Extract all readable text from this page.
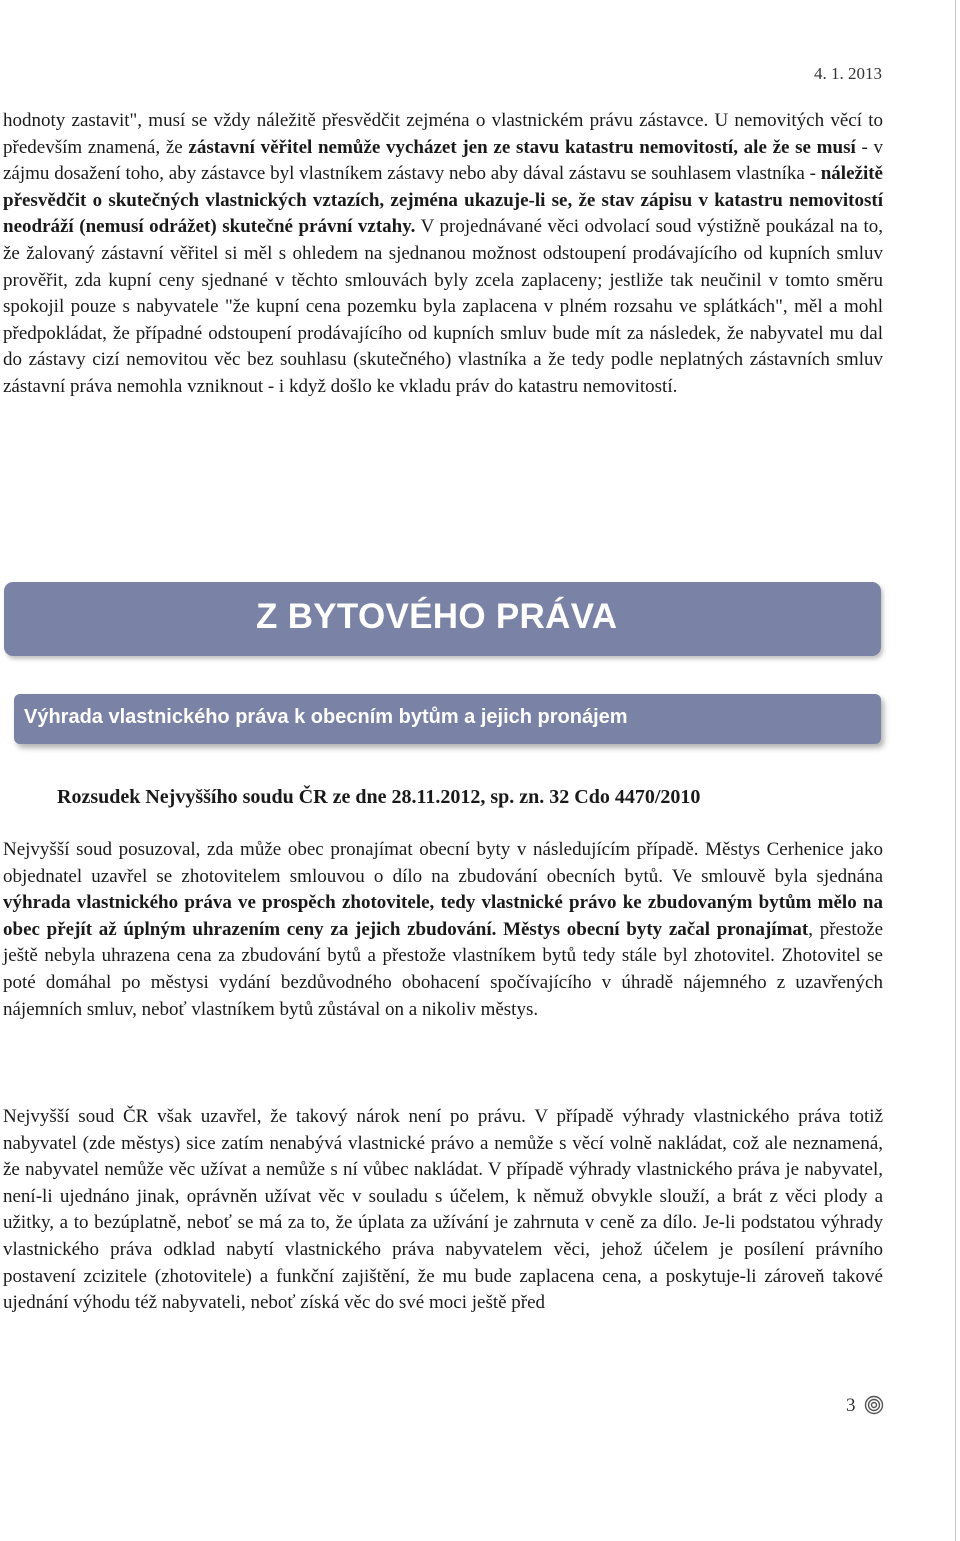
4. 1. 2013

hodnoty zastavit", musí se vždy náležitě přesvědčit zejména o vlastnickém právu zástavce. U nemovitých věcí to především znamená, že zástavní věřitel nemůže vycházet jen ze stavu katastru nemovitostí, ale že se musí - v zájmu dosažení toho, aby zástavce byl vlastníkem zástavy nebo aby dával zástavu se souhlasem vlastníka - náležitě přesvědčit o skutečných vlastnických vztazích, zejména ukazuje-li se, že stav zápisu v katastru nemovitostí neodráží (nemusí odrážet) skutečné právní vztahy. V projednávané věci odvolací soud výstižně poukázal na to, že žalovaný zástavní věřitel si měl s ohledem na sjednanou možnost odstoupení prodávajícího od kupních smluv prověřit, zda kupní ceny sjednané v těchto smlouvách byly zcela zaplaceny; jestliže tak neučinil v tomto směru spokojil pouze s nabyvatele "že kupní cena pozemku byla zaplacena v plném rozsahu ve splátkách", měl a mohl předpokládat, že případné odstoupení prodávajícího od kupních smluv bude mít za následek, že nabyvatel mu dal do zástavy cizí nemovitou věc bez souhlasu (skutečného) vlastníka a že tedy podle neplatných zástavních smluv zástavní práva nemohla vzniknout - i když došlo ke vkladu práv do katastru nemovitostí.

Z BYTOVÉHO PRÁVA
Výhrada vlastnického práva k obecním bytům a jejich pronájem
Rozsudek Nejvyššího soudu ČR ze dne 28.11.2012, sp. zn. 32 Cdo 4470/2010

Nejvyšší soud posuzoval, zda může obec pronajímat obecní byty v následujícím případě. Městys Cerhenice jako objednatel uzavřel se zhotovitelem smlouvou o dílo na zbudování obecních bytů. Ve smlouvě byla sjednána výhrada vlastnického práva ve prospěch zhotovitele, tedy vlastnické právo ke zbudovaným bytům mělo na obec přejít až úplným uhrazením ceny za jejich zbudování. Městys obecní byty začal pronajímat, přestože ještě nebyla uhrazena cena za zbudování bytů a přestože vlastníkem bytů tedy stále byl zhotovitel. Zhotovitel se poté domáhal po městysi vydání bezdůvodného obohacení spočívajícího v úhradě nájemného z uzavřených nájemních smluv, neboť vlastníkem bytů zůstával on a nikoliv městys.

Nejvyšší soud ČR však uzavřel, že takový nárok není po právu. V případě výhrady vlastnického práva totiž nabyvatel (zde městys) sice zatím nenabývá vlastnické právo a nemůže s věcí volně nakládat, což ale neznamená, že nabyvatel nemůže věc užívat a nemůže s ní vůbec nakládat. V případě výhrady vlastnického práva je nabyvatel, není-li ujednáno jinak, oprávněn užívat věc v souladu s účelem, k němuž obvykle slouží, a brát z věci plody a užitky, a to bezúplatně, neboť se má za to, že úplata za užívání je zahrnuta v ceně za dílo. Je-li podstatou výhrady vlastnického práva odklad nabytí vlastnického práva nabyvatelem věci, jehož účelem je posílení právního postavení zcizitele (zhotovitele) a funkční zajištění, že mu bude zaplacena cena, a poskytuje-li zároveň takové ujednání výhodu též nabyvateli, neboť získá věc do své moci ještě před

3
